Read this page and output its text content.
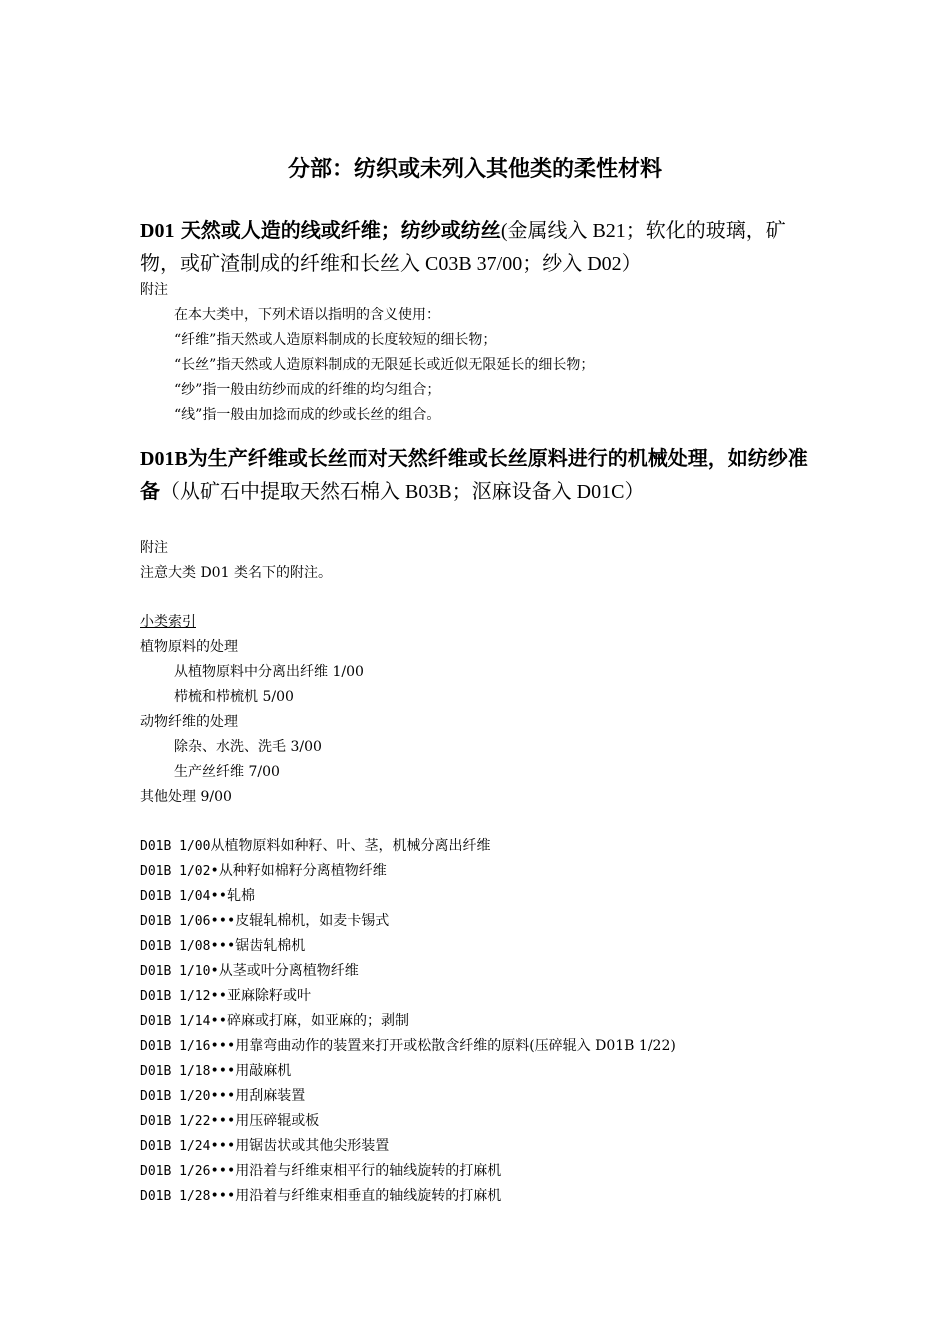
分部：纺织或未列入其他类的柔性材料
D01 天然或人造的线或纤维；纺纱或纺丝(金属线入 B21；软化的玻璃，矿物，或矿渣制成的纤维和长丝入 C03B 37/00；纱入 D02）
附注
在本大类中，下列术语以指明的含义使用：
“纤维”指天然或人造原料制成的长度较短的细长物；
“长丝”指天然或人造原料制成的无限延长或近似无限延长的细长物；
“纱”指一般由纺纱而成的纤维的均匀组合；
“线”指一般由加捻而成的纱或长丝的组合。
D01B为生产纤维或长丝而对天然纤维或长丝原料进行的机械处理，如纺纱准备（从矿石中提取天然石棉入 B03B；沤麻设备入 D01C）
附注
注意大类 D01 类名下的附注。
小类索引
植物原料的处理
从植物原料中分离出纤维 1/00
栉梳和栉梳机 5/00
动物纤维的处理
除杂、水洗、洗毛 3/00
生产丝纤维 7/00
其他处理 9/00
D01B 1/00从植物原料如种籽、叶、茎，机械分离出纤维
D01B 1/02•从种籽如棉籽分离植物纤维
D01B 1/04••轧棉
D01B 1/06•••皮辊轧棉机，如麦卡锡式
D01B 1/08•••锯齿轧棉机
D01B 1/10•从茎或叶分离植物纤维
D01B 1/12••亚麻除籽或叶
D01B 1/14••碎麻或打麻，如亚麻的；剥制
D01B 1/16•••用靠弯曲动作的装置来打开或松散含纤维的原料(压碎辊入 D01B 1/22)
D01B 1/18•••用敲麻机
D01B 1/20•••用刮麻装置
D01B 1/22•••用压碎辊或板
D01B 1/24•••用锯齿状或其他尖形装置
D01B 1/26•••用沿着与纤维束相平行的轴线旋转的打麻机
D01B 1/28•••用沿着与纤维束相垂直的轴线旋转的打麻机
